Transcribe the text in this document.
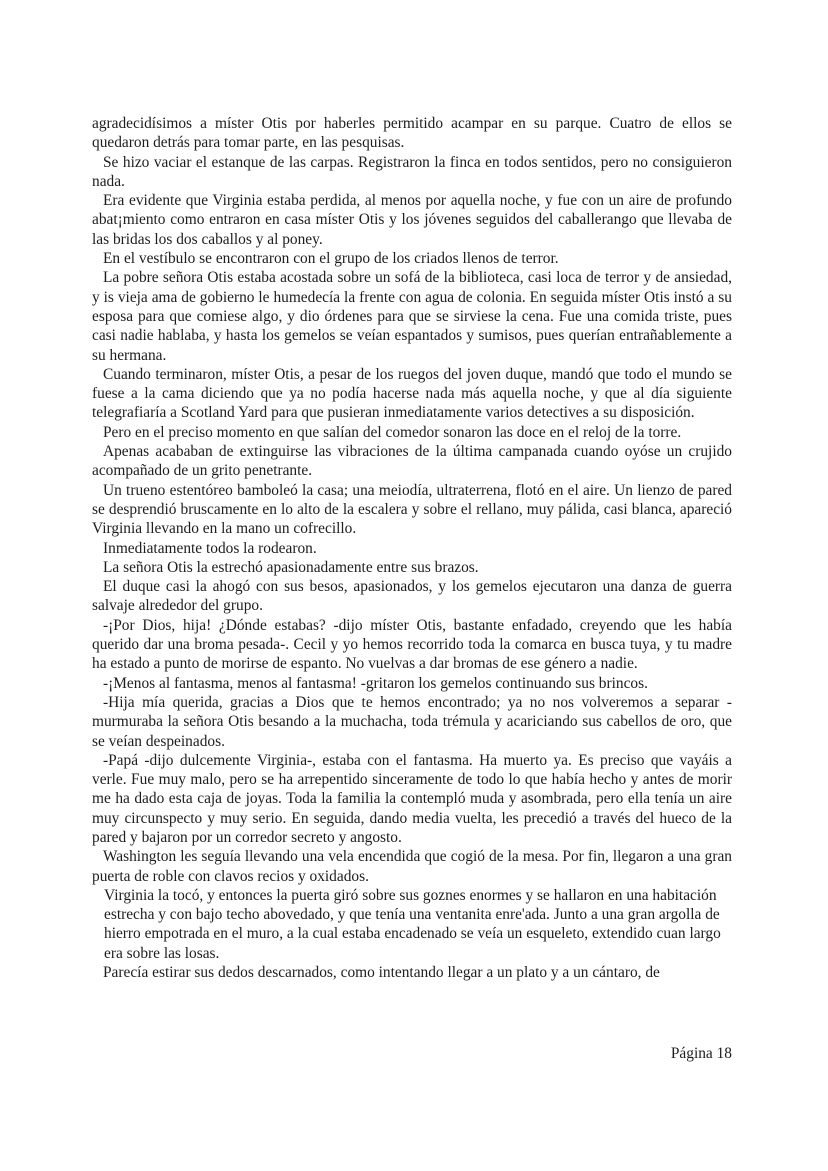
agradecidísimos a míster Otis por haberles permitido acampar en su parque. Cuatro de ellos se quedaron detrás para tomar parte, en las pesquisas.

Se hizo vaciar el estanque de las carpas. Registraron la finca en todos sentidos, pero no consiguieron nada.

Era evidente que Virginia estaba perdida, al menos por aquella noche, y fue con un aire de profundo abat¡miento como entraron en casa míster Otis y los jóvenes seguidos del caballerango que llevaba de las bridas los dos caballos y al poney.

En el vestíbulo se encontraron con el grupo de los criados llenos de terror.

La pobre señora Otis estaba acostada sobre un sofá de la biblioteca, casi loca de terror y de ansiedad, y is vieja ama de gobierno le humedecía la frente con agua de colonia. En seguida míster Otis instó a su esposa para que comiese algo, y dio órdenes para que se sirviese la cena. Fue una comida triste, pues casi nadie hablaba, y hasta los gemelos se veían espantados y sumisos, pues querían entrañablemente a su hermana.

Cuando terminaron, míster Otis, a pesar de los ruegos del joven duque, mandó que todo el mundo se fuese a la cama diciendo que ya no podía hacerse nada más aquella noche, y que al día siguiente telegrafiaría a Scotland Yard para que pusieran inmediatamente varios detectives a su disposición.

Pero en el preciso momento en que salían del comedor sonaron las doce en el reloj de la torre.

Apenas acababan de extinguirse las vibraciones de la última campanada cuando oyóse un crujido acompañado de un grito penetrante.

Un trueno estentóreo bamboleó la casa; una meiodía, ultraterrena, flotó en el aire. Un lienzo de pared se desprendió bruscamente en lo alto de la escalera y sobre el rellano, muy pálida, casi blanca, apareció Virginia llevando en la mano un cofrecillo.

Inmediatamente todos la rodearon.

La señora Otis la estrechó apasionadamente entre sus brazos.

El duque casi la ahogó con sus besos, apasionados, y los gemelos ejecutaron una danza de guerra salvaje alrededor del grupo.

-¡Por Dios, hija! ¿Dónde estabas? -dijo míster Otis, bastante enfadado, creyendo que les había querido dar una broma pesada-. Cecil y yo hemos recorrido toda la comarca en busca tuya, y tu madre ha estado a punto de morirse de espanto. No vuelvas a dar bromas de ese género a nadie.

-¡Menos al fantasma, menos al fantasma! -gritaron los gemelos continuando sus brincos.

-Hija mía querida, gracias a Dios que te hemos encontrado; ya no nos volveremos a separar -murmuraba la señora Otis besando a la muchacha, toda trémula y acariciando sus cabellos de oro, que se veían despeinados.

-Papá -dijo dulcemente Virginia-, estaba con el fantasma. Ha muerto ya. Es preciso que vayáis a verle. Fue muy malo, pero se ha arrepentido sinceramente de todo lo que había hecho y antes de morir me ha dado esta caja de joyas. Toda la familia la contempló muda y asombrada, pero ella tenía un aire muy circunspecto y muy serio. En seguida, dando media vuelta, les precedió a través del hueco de la pared y bajaron por un corredor secreto y angosto.

Washington les seguía llevando una vela encendida que cogió de la mesa. Por fin, llegaron a una gran puerta de roble con clavos recios y oxidados.

Virginia la tocó, y entonces la puerta giró sobre sus goznes enormes y se hallaron en una habitación estrecha y con bajo techo abovedado, y que tenía una ventanita enre'ada. Junto a una gran argolla de hierro empotrada en el muro, a la cual estaba encadenado se veía un esqueleto, extendido cuan largo era sobre las losas.

Parecía estirar sus dedos descarnados, como intentando llegar a un plato y a un cántaro, de

Página 18
